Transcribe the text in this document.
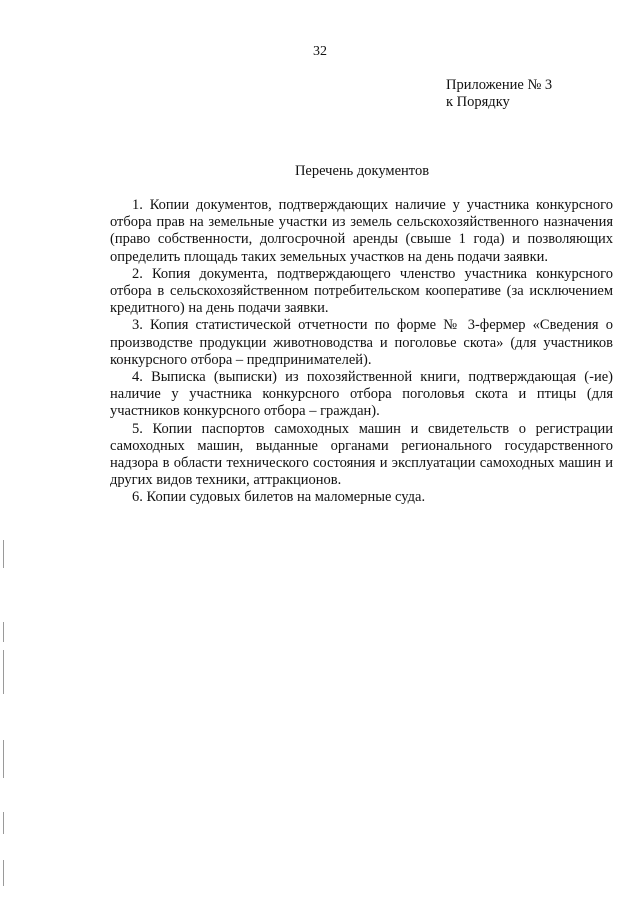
32
Приложение № 3
к Порядку
Перечень документов

1. Копии документов, подтверждающих наличие у участника конкурсного отбора прав на земельные участки из земель сельскохозяйственного назначения (право собственности, долгосрочной аренды (свыше 1 года) и позволяющих определить площадь таких земельных участков на день подачи заявки.

2. Копия документа, подтверждающего членство участника конкурсного отбора в сельскохозяйственном потребительском кооперативе (за исключением кредитного) на день подачи заявки.

3. Копия статистической отчетности по форме № 3-фермер «Сведения о производстве продукции животноводства и поголовье скота» (для участников конкурсного отбора – предпринимателей).

4. Выписка (выписки) из похозяйственной книги, подтверждающая (-ие) наличие у участника конкурсного отбора поголовья скота и птицы (для участников конкурсного отбора – граждан).

5. Копии паспортов самоходных машин и свидетельств о регистрации самоходных машин, выданные органами регионального государственного надзора в области технического состояния и эксплуатации самоходных машин и других видов техники, аттракционов.

6. Копии судовых билетов на маломерные суда.
